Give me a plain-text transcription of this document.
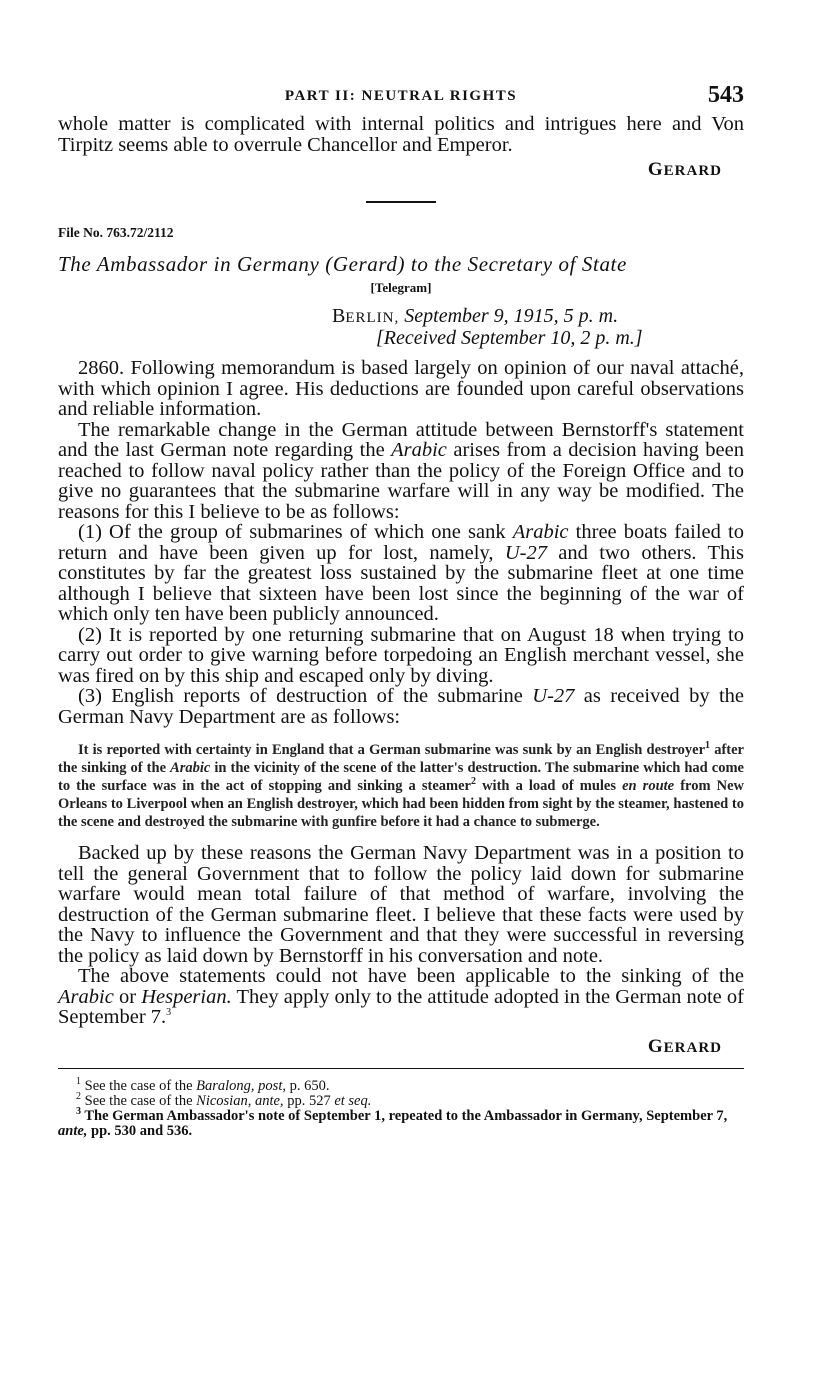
PART II: NEUTRAL RIGHTS	543

whole matter is complicated with internal politics and intrigues here and Von Tirpitz seems able to overrule Chancellor and Emperor.

GERARD
File No. 763.72/2112
The Ambassador in Germany (Gerard) to the Secretary of State
[Telegram]
BERLIN, September 9, 1915, 5 p. m.
[Received September 10, 2 p. m.]

2860. Following memorandum is based largely on opinion of our naval attaché, with which opinion I agree. His deductions are founded upon careful observations and reliable information.

The remarkable change in the German attitude between Bernstorff's statement and the last German note regarding the Arabic arises from a decision having been reached to follow naval policy rather than the policy of the Foreign Office and to give no guarantees that the submarine warfare will in any way be modified. The reasons for this I believe to be as follows:

(1) Of the group of submarines of which one sank Arabic three boats failed to return and have been given up for lost, namely, U-27 and two others. This constitutes by far the greatest loss sustained by the submarine fleet at one time although I believe that sixteen have been lost since the beginning of the war of which only ten have been publicly announced.

(2) It is reported by one returning submarine that on August 18 when trying to carry out order to give warning before torpedoing an English merchant vessel, she was fired on by this ship and escaped only by diving.

(3) English reports of destruction of the submarine U-27 as received by the German Navy Department are as follows:

It is reported with certainty in England that a German submarine was sunk by an English destroyer$^1$ after the sinking of the Arabic in the vicinity of the scene of the latter's destruction. The submarine which had come to the surface was in the act of stopping and sinking a steamer$^2$ with a load of mules en route from New Orleans to Liverpool when an English destroyer, which had been hidden from sight by the steamer, hastened to the scene and destroyed the submarine with gunfire before it had a chance to submerge.

Backed up by these reasons the German Navy Department was in a position to tell the general Government that to follow the policy laid down for submarine warfare would mean total failure of that method of warfare, involving the destruction of the German submarine fleet. I believe that these facts were used by the Navy to influence the Government and that they were successful in reversing the policy as laid down by Bernstorff in his conversation and note.

The above statements could not have been applicable to the sinking of the Arabic or Hesperian. They apply only to the attitude adopted in the German note of September 7.$^3$

GERARD

$^1$ See the case of the Baralong, post, p. 650.

$^2$ See the case of the Nicosian, ante, pp. 527 et seq.

$^3$ The German Ambassador's note of September 1, repeated to the Ambassador in Germany, September 7, ante, pp. 530 and 536.
